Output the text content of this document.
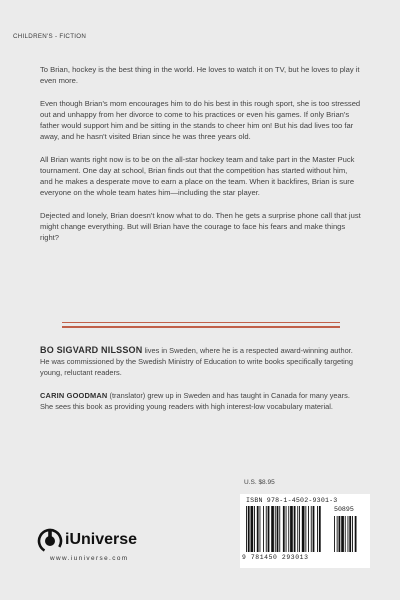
CHILDREN'S - FICTION

To Brian, hockey is the best thing in the world. He loves to watch it on TV, but he loves to play it even more.

Even though Brian's mom encourages him to do his best in this rough sport, she is too stressed out and unhappy from her divorce to come to his practices or even his games. If only Brian's father would support him and be sitting in the stands to cheer him on! But his dad lives too far away, and he hasn't visited Brian since he was three years old.

All Brian wants right now is to be on the all-star hockey team and take part in the Master Puck tournament. One day at school, Brian finds out that the competition has started without him, and he makes a desperate move to earn a place on the team. When it backfires, Brian is sure everyone on the whole team hates him—including the star player.

Dejected and lonely, Brian doesn't know what to do. Then he gets a surprise phone call that just might change everything. But will Brian have the courage to face his fears and make things right?

BO SIGVARD NILSSON lives in Sweden, where he is a respected award-winning author. He was commissioned by the Swedish Ministry of Education to write books specifically targeting young, reluctant readers.

CARIN GOODMAN (translator) grew up in Sweden and has taught in Canada for many years. She sees this book as providing young readers with high interest-low vocabulary material.

U.S. $8.95
ISBN 978-1-4502-9301-3
50895
9 781450 293013
iUniverse
www.iuniverse.com
